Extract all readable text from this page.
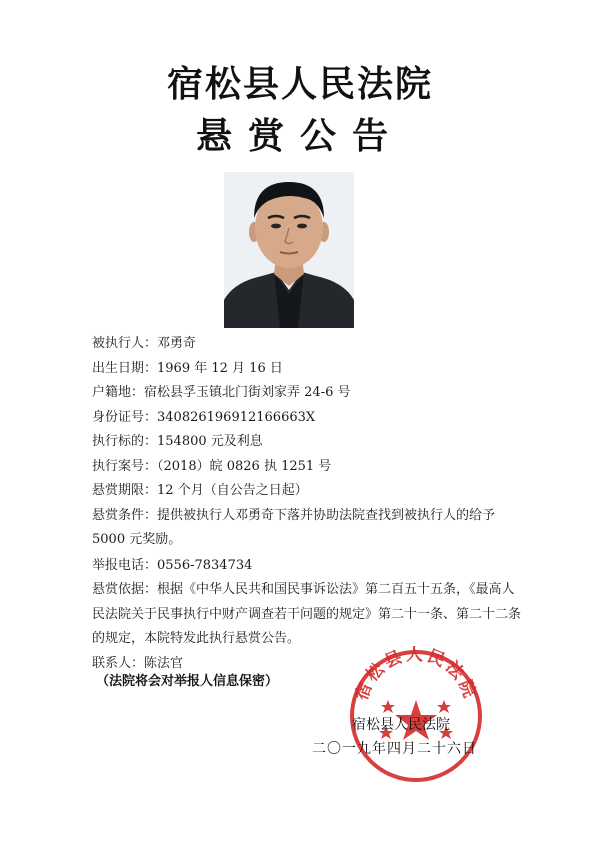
宿松县人民法院
悬赏公告
被执行人：邓勇奇
出生日期：1969 年 12 月 16 日
户籍地：宿松县孚玉镇北门街刘家弄 24-6 号
身份证号：340826196912166663X
执行标的：154800 元及利息
执行案号：（2018）皖 0826 执 1251 号
悬赏期限：12 个月（自公告之日起）
悬赏条件：提供被执行人邓勇奇下落并协助法院查找到被执行人的给予 5000 元奖励。
举报电话：0556-7834734
悬赏依据：根据《中华人民共和国民事诉讼法》第二百五十五条，《最高人民法院关于民事执行中财产调查若干问题的规定》第二十一条、第二十二条的规定，本院特发此执行悬赏公告。
联系人：陈法官
（法院将会对举报人信息保密）	宿松县人民法院
宿松县人民法院
二〇一九年四月二十六日
